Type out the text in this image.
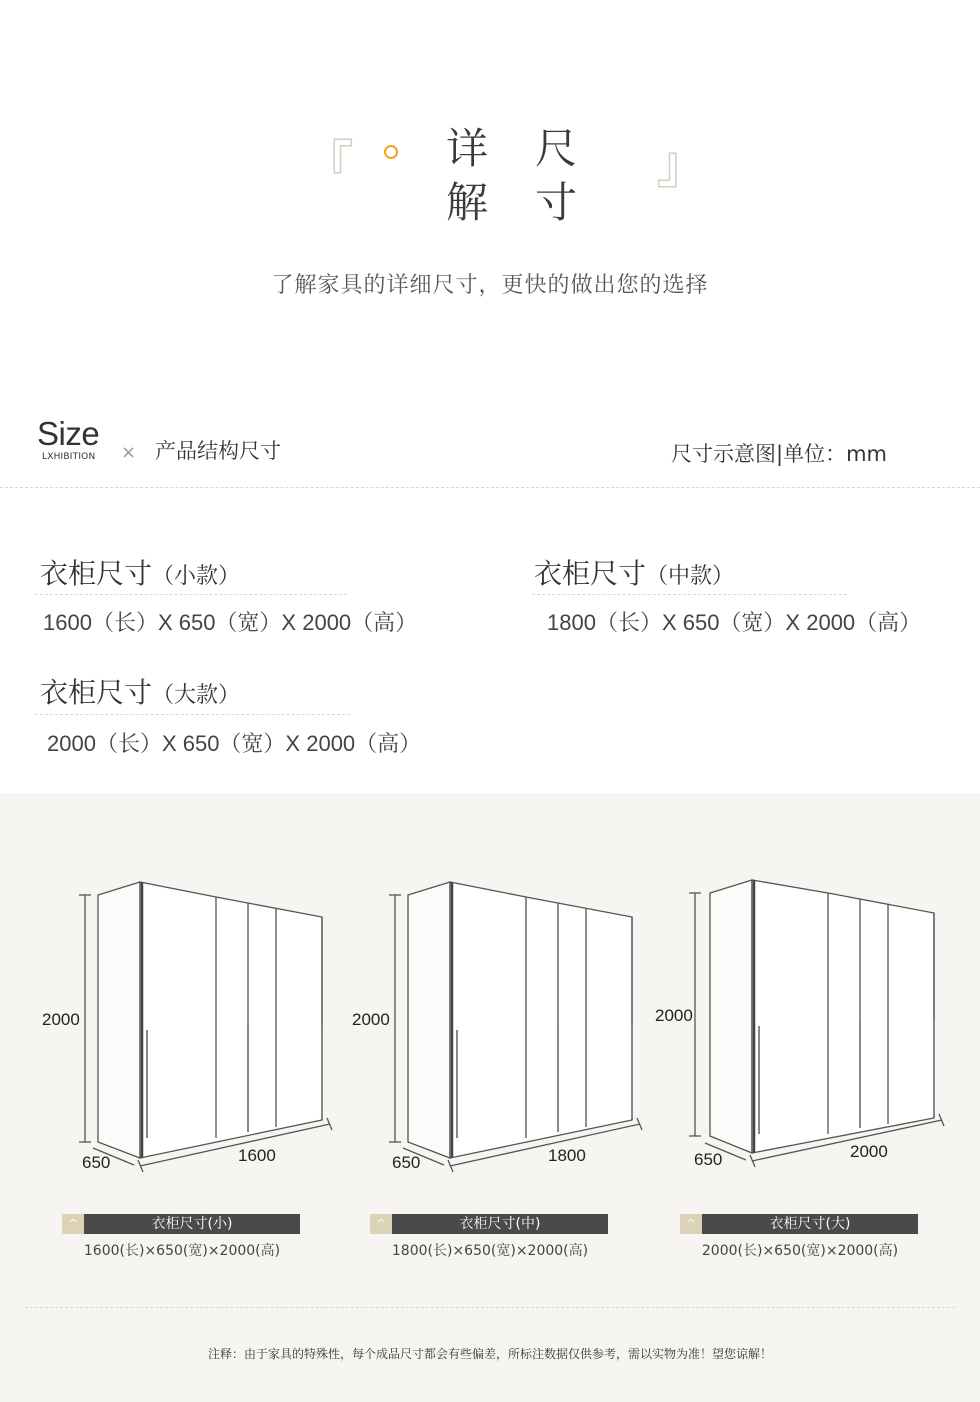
『 详 尺
解 寸
』
了解家具的详细尺寸，更快的做出您的选择
Size
LXHIBITION × 产品结构尺寸	尺寸示意图|单位：mm
衣柜尺寸（小款）
1600（长）X 650（宽）X 2000（高）
衣柜尺寸（中款）
1800（长）X 650（宽）X 2000（高）
衣柜尺寸（大款）
2000（长）X 650（宽）X 2000（高）
2000
650	1600
2000
650	1800
2000
650	2000
^	衣柜尺寸(小)
1600(长)×650(宽)×2000(高)
^	衣柜尺寸(中)
1800(长)×650(宽)×2000(高)
^	衣柜尺寸(大)
2000(长)×650(宽)×2000(高)
注释：由于家具的特殊性，每个成品尺寸都会有些偏差，所标注数据仅供参考，需以实物为准！望您谅解！
